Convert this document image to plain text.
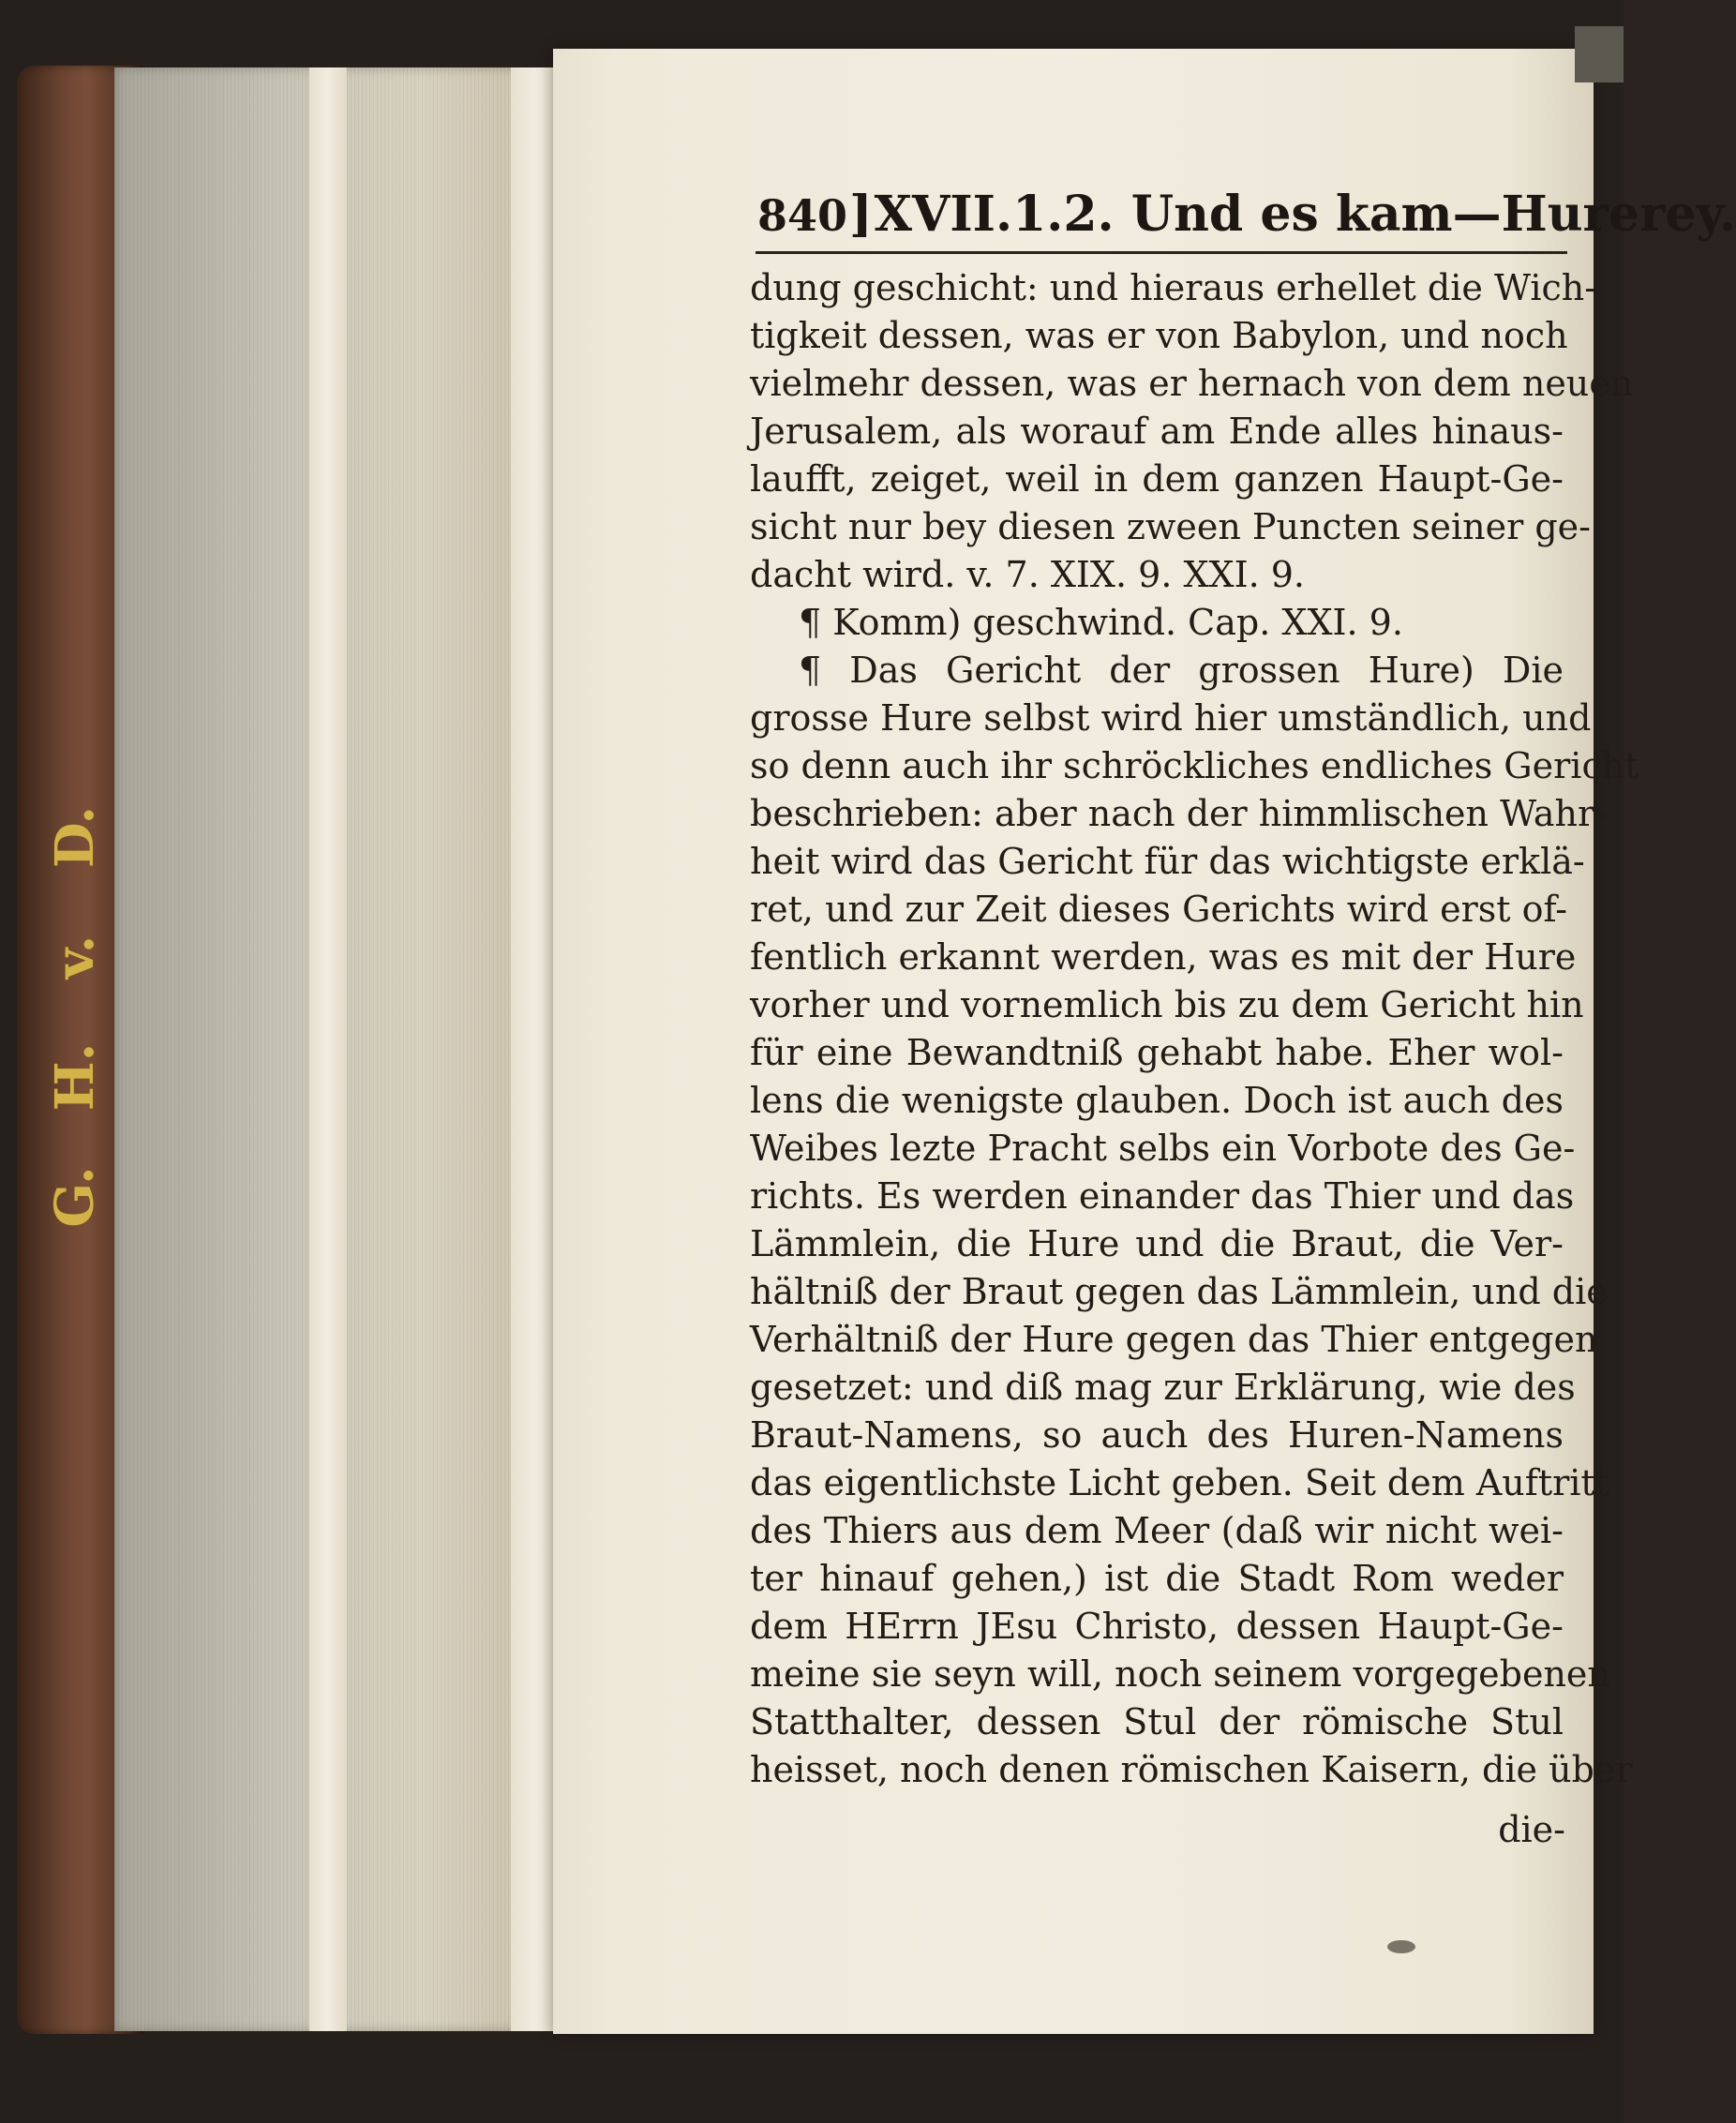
D.
v.
H.
G.
840]XVII.1.2. Und es kam—Hurerey.
dung geschicht: und hieraus erhellet die Wich-
tigkeit dessen, was er von Babylon, und noch
vielmehr dessen, was er hernach von dem neuen
Jerusalem, als worauf am Ende alles hinaus-
laufft, zeiget, weil in dem ganzen Haupt-Ge-
sicht nur bey diesen zween Puncten seiner ge-
dacht wird. v. 7. XIX. 9. XXI. 9.
¶ Komm) geschwind. Cap. XXI. 9.
¶ Das Gericht der grossen Hure) Die
grosse Hure selbst wird hier umständlich, und
so denn auch ihr schröckliches endliches Gericht
beschrieben: aber nach der himmlischen Wahr-
heit wird das Gericht für das wichtigste erklä-
ret, und zur Zeit dieses Gerichts wird erst of-
fentlich erkannt werden, was es mit der Hure
vorher und vornemlich bis zu dem Gericht hin
für eine Bewandtniß gehabt habe. Eher wol-
lens die wenigste glauben. Doch ist auch des
Weibes lezte Pracht selbs ein Vorbote des Ge-
richts. Es werden einander das Thier und das
Lämmlein, die Hure und die Braut, die Ver-
hältniß der Braut gegen das Lämmlein, und die
Verhältniß der Hure gegen das Thier entgegen
gesetzet: und diß mag zur Erklärung, wie des
Braut-Namens, so auch des Huren-Namens
das eigentlichste Licht geben. Seit dem Auftritt
des Thiers aus dem Meer (daß wir nicht wei-
ter hinauf gehen,) ist die Stadt Rom weder
dem HErrn JEsu Christo, dessen Haupt-Ge-
meine sie seyn will, noch seinem vorgegebenen
Statthalter, dessen Stul der römische Stul
heisset, noch denen römischen Kaisern, die über
die-
